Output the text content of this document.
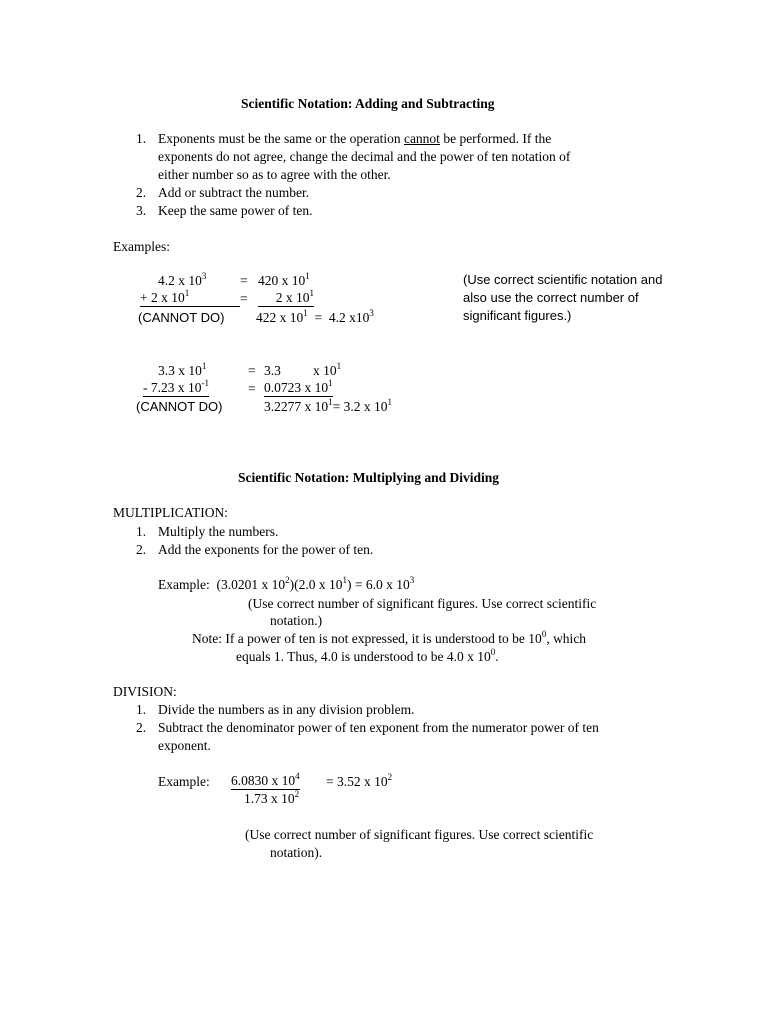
Scientific Notation: Adding and Subtracting
1. Exponents must be the same or the operation cannot be performed. If the
exponents do not agree, change the decimal and the power of ten notation of
either number so as to agree with the other.
2. Add or subtract the number.
3. Keep the same power of ten.
Examples:
4.2 x $10^3 = 420$ x $10^1$
+ 2 x $10^1$	=	2 x $10^1$
(CANNOT DO) 422 x $10^1 = 4.2$ $x10^3$
(Use correct scientific notation and
also use the correct number of
significant figures.)
3.3 x $10^1$	= 3.3 x $10^1$
- 7.23 x $10^{-1}$	= 0.0723 x $10^1$
(CANNOT DO)	3.2277 x $10^1= 3.2$ x $10^1$
Scientific Notation: Multiplying and Dividing
MULTIPLICATION:
1. Multiply the numbers.
2. Add the exponents for the power of ten.
Example: (3.0201 x $10^2)(2.0$ x $10^1) = 6.0$ x $10^3$
(Use correct number of significant figures. Use correct scientific
notation.)
Note: If a power of ten is not expressed, it is understood to be $10^0$, which
equals 1. Thus, 4.0 is understood to be 4.0 x $10^0$.
DIVISION:
1. Divide the numbers as in any division problem.
2. Subtract the denominator power of ten exponent from the numerator power of ten
exponent.
Example: 6.0830 x $10^4 = 3.52$ x $10^2$
1.73 x $10^2$
(Use correct number of significant figures. Use correct scientific
notation).
